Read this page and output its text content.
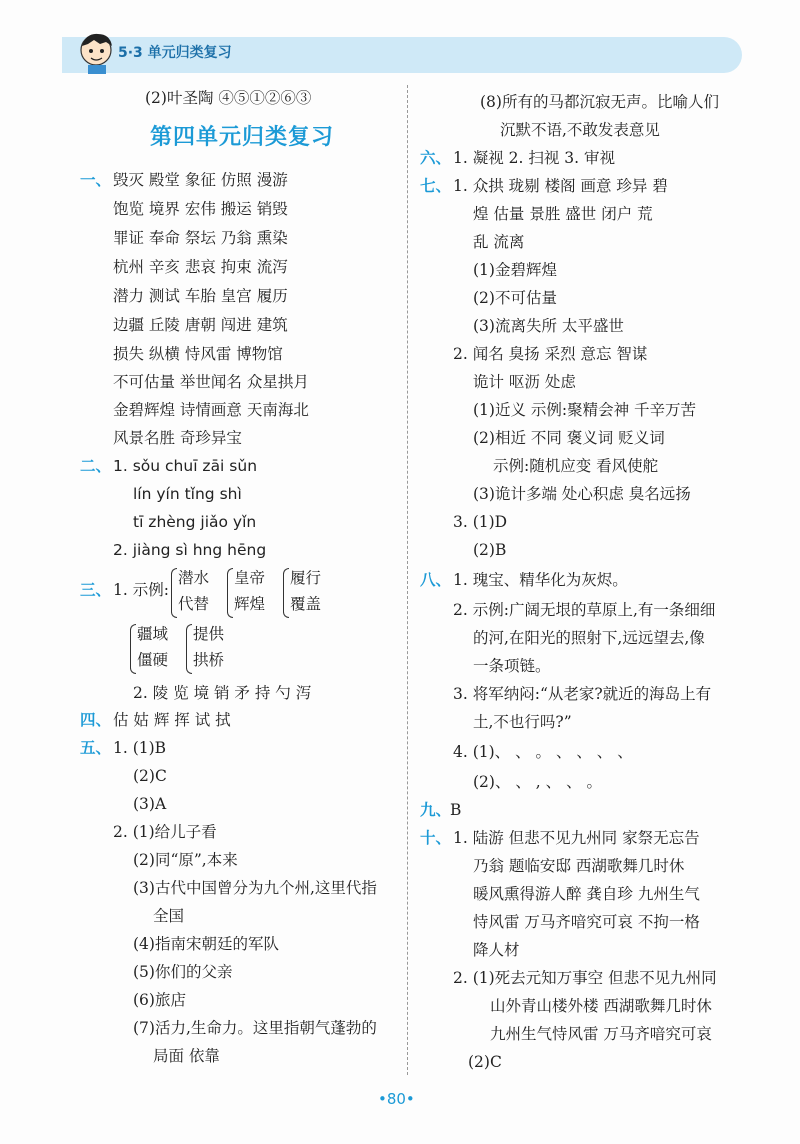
5·3 单元归类复习
(2)叶圣陶 ④⑤①②⑥③
第四单元归类复习
一、 毁灭 殿堂 象征 仿照 漫游
饱览 境界 宏伟 搬运 销毁
罪证 奉命 祭坛 乃翁 熏染
杭州 辛亥 悲哀 拘束 流泻
潜力 测试 车胎 皇宫 履历
边疆 丘陵 唐朝 闯进 建筑
损失 纵横 恃风雷 博物馆
不可估量 举世闻名 众星拱月
金碧辉煌 诗情画意 天南海北
风景名胜 奇珍异宝
二、 1. sǒu chuī zāi sǔn
lín yín tǐng shì
tī zhèng jiǎo yǐn
2. jiàng sì hng hēng
三、 1. 示例:
潜水
代替
皇帝
辉煌
履行
覆盖
疆域
僵硬
提供
拱桥
2. 陵 览 境 销 矛 持 勺 泻
四、 估 姑 辉 挥 试 拭
五、 1. (1)B
(2)C
(3)A
2. (1)给儿子看
(2)同“原”,本来
(3)古代中国曾分为九个州,这里代指
全国
(4)指南宋朝廷的军队
(5)你们的父亲
(6)旅店
(7)活力,生命力。这里指朝气蓬勃的
局面 依靠
(8)所有的马都沉寂无声。比喻人们
沉默不语,不敢发表意见
六、 1. 凝视 2. 扫视 3. 审视
七、 1. 众拱 珑剔 楼阁 画意 珍异 碧
煌 估量 景胜 盛世 闭户 荒
乱 流离
(1)金碧辉煌
(2)不可估量
(3)流离失所 太平盛世
2. 闻名 臭扬 采烈 意忘 智谋
诡计 呕沥 处虑
(1)近义 示例:聚精会神 千辛万苦
(2)相近 不同 褒义词 贬义词
示例:随机应变 看风使舵
(3)诡计多端 处心积虑 臭名远扬
3. (1)D
(2)B
八、 1. 瑰宝、精华化为灰烬。
2. 示例:广阔无垠的草原上,有一条细细
的河,在阳光的照射下,远远望去,像
一条项链。
3. 将军纳闷:“从老家?就近的海岛上有
土,不也行吗?”
4. (1)、 、 。 、 、 、 、
(2)、 、 , 、 、 。
九、
B
十、 1. 陆游 但悲不见九州同 家祭无忘告
乃翁 题临安邸 西湖歌舞几时休
暖风熏得游人醉 龚自珍 九州生气
恃风雷 万马齐喑究可哀 不拘一格
降人材
2. (1)死去元知万事空 但悲不见九州同
山外青山楼外楼 西湖歌舞几时休
九州生气恃风雷 万马齐喑究可哀
(2)C
•80•
